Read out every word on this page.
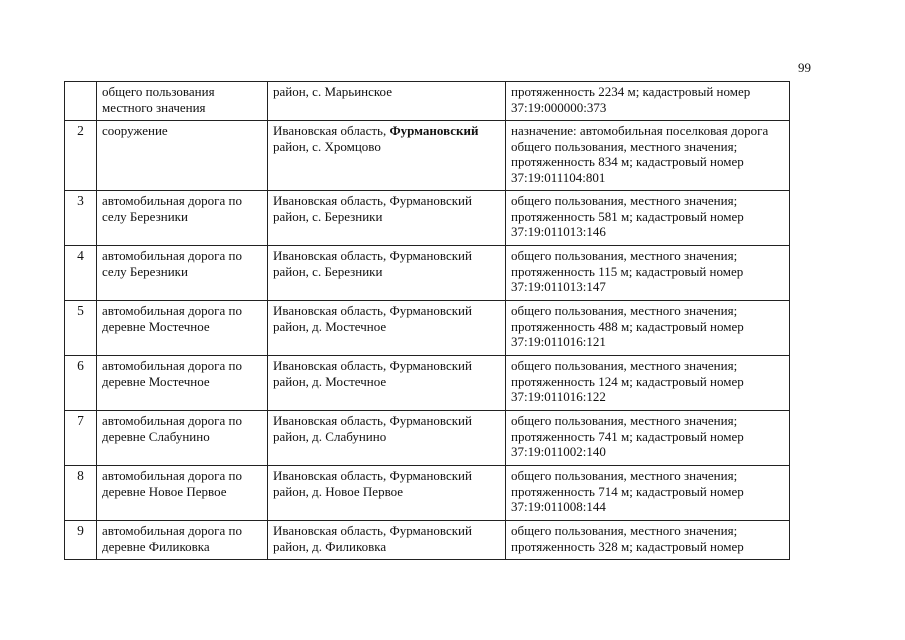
99

	общего пользования
местного значения	район, с. Марьинское	протяженность 2234 м; кадастровый номер
37:19:000000:373

2	сооружение	Ивановская область, Фурмановский
район, с. Хромцово	назначение: автомобильная поселковая дорога
общего пользования, местного значения;
протяженность 834 м; кадастровый номер
37:19:011104:801

3	автомобильная дорога по
селу Березники	Ивановская область, Фурмановский
район, с. Березники	общего пользования, местного значения;
протяженность 581 м; кадастровый номер
37:19:011013:146

4	автомобильная дорога по
селу Березники	Ивановская область, Фурмановский
район, с. Березники	общего пользования, местного значения;
протяженность 115 м; кадастровый номер
37:19:011013:147

5	автомобильная дорога по
деревне Мостечное	Ивановская область, Фурмановский
район, д. Мостечное	общего пользования, местного значения;
протяженность 488 м; кадастровый номер
37:19:011016:121

6	автомобильная дорога по
деревне Мостечное	Ивановская область, Фурмановский
район, д. Мостечное	общего пользования, местного значения;
протяженность 124 м; кадастровый номер
37:19:011016:122

7	автомобильная дорога по
деревне Слабунино	Ивановская область, Фурмановский
район, д. Слабунино	общего пользования, местного значения;
протяженность 741 м; кадастровый номер
37:19:011002:140

8	автомобильная дорога по
деревне Новое Первое	Ивановская область, Фурмановский
район, д. Новое Первое	общего пользования, местного значения;
протяженность 714 м; кадастровый номер
37:19:011008:144

9	автомобильная дорога по
деревне Филиковка	Ивановская область, Фурмановский
район, д. Филиковка	общего пользования, местного значения;
протяженность 328 м; кадастровый номер
